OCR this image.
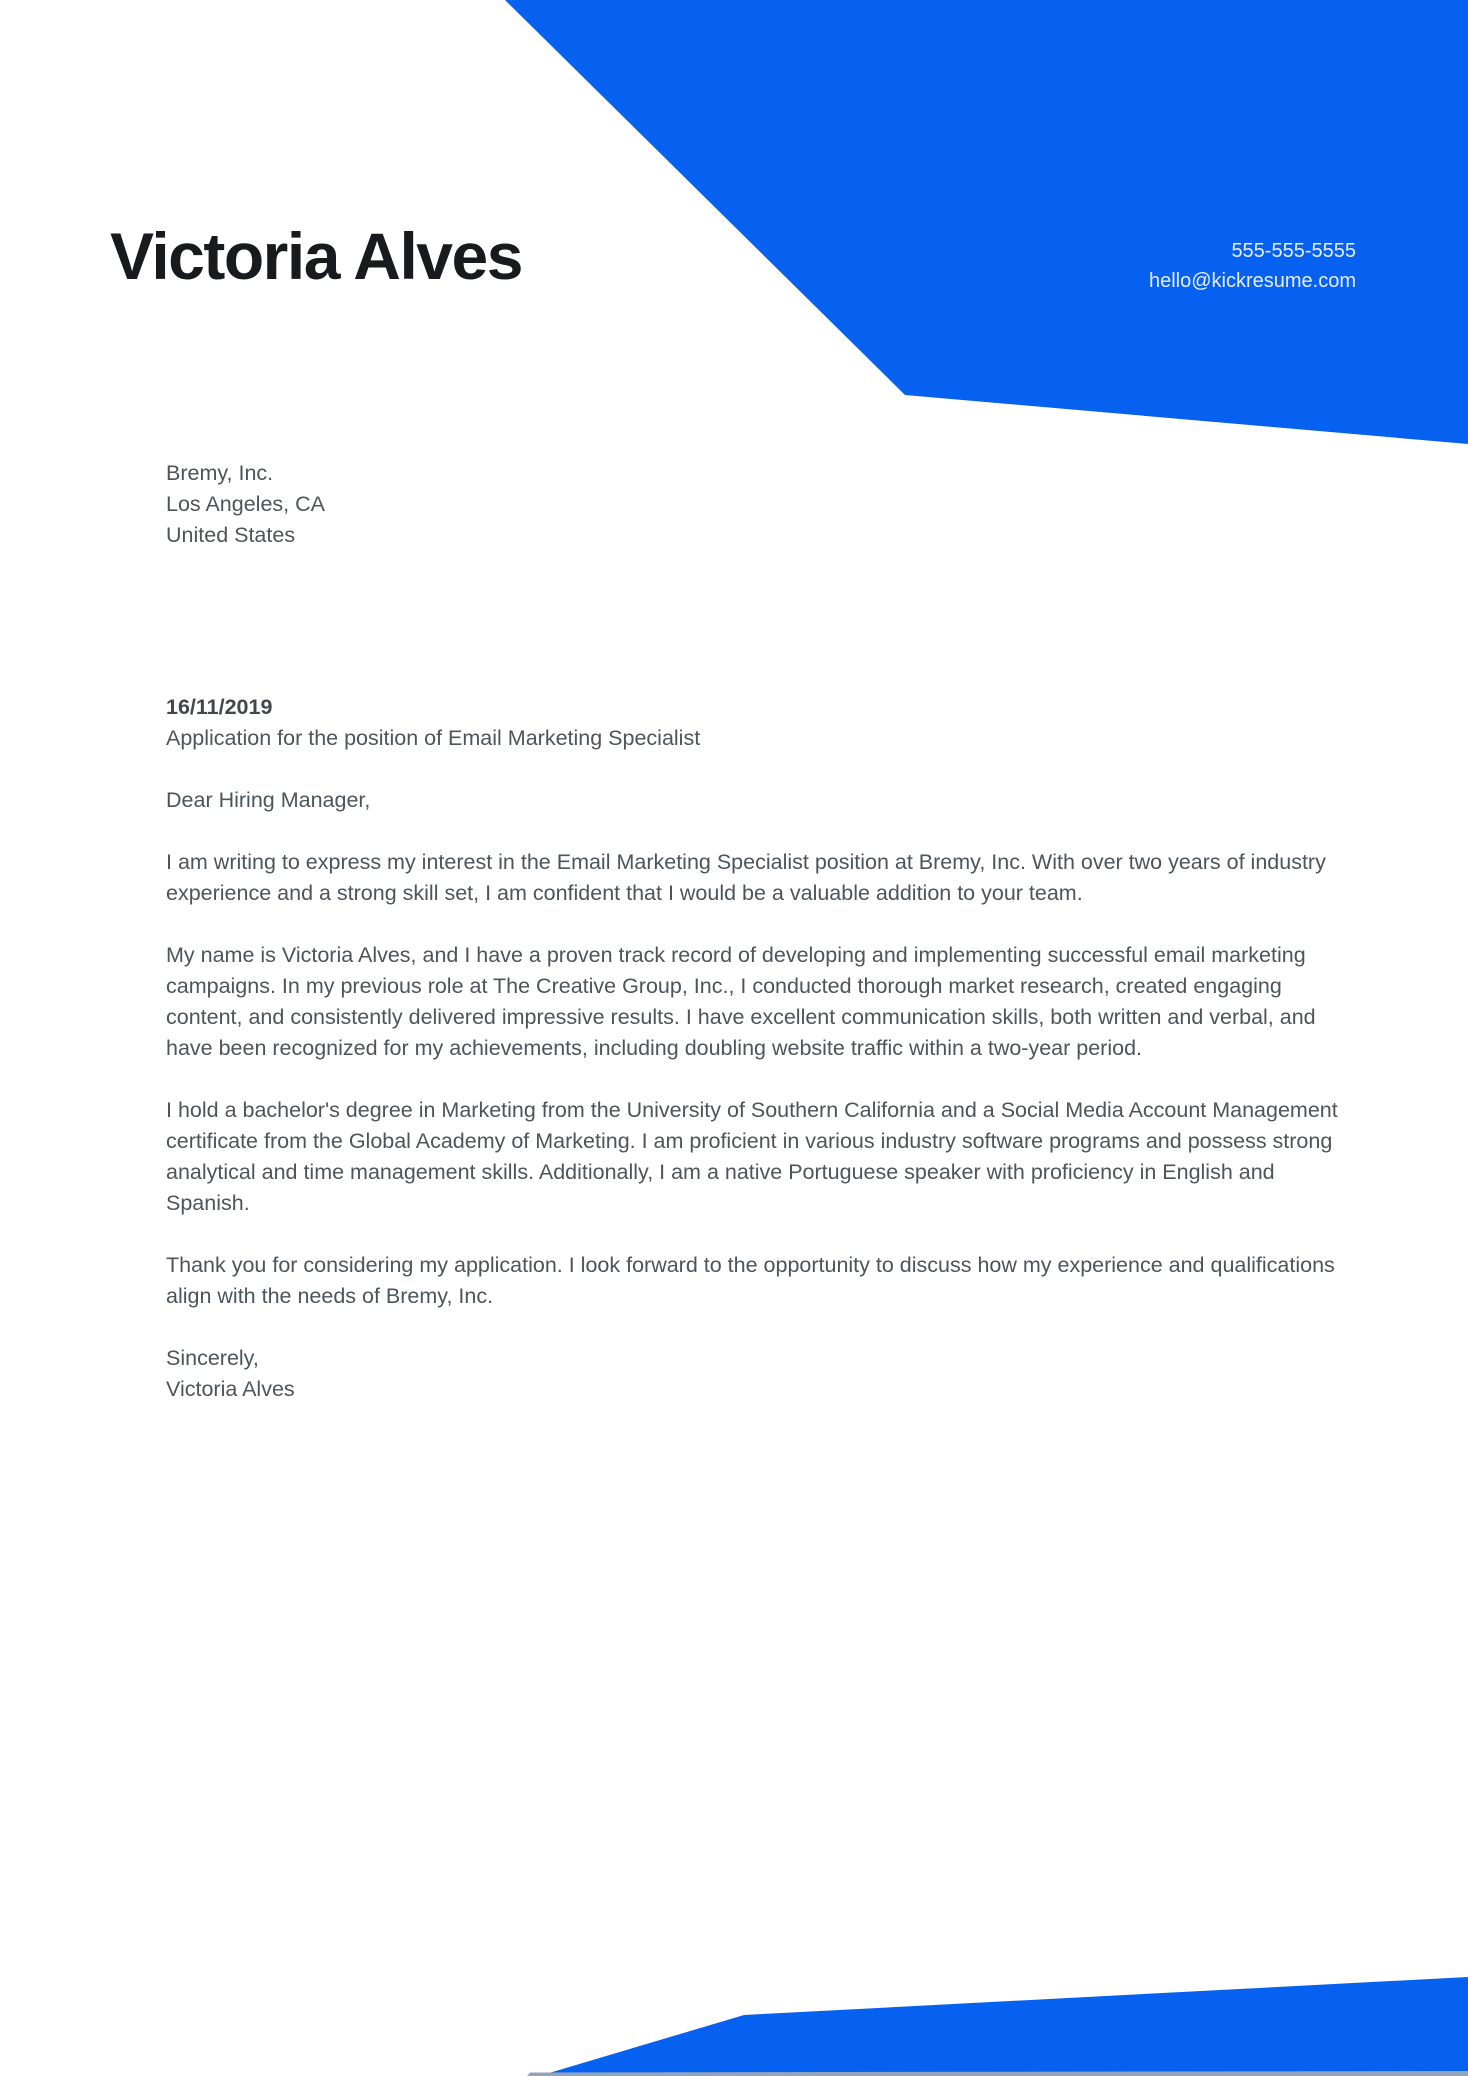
Victoria Alves	555-555-5555
hello@kickresume.com
Bremy, Inc.
Los Angeles, CA
United States
16/11/2019
Application for the position of Email Marketing Specialist

Dear Hiring Manager,

I am writing to express my interest in the Email Marketing Specialist position at Bremy, Inc. With over two years of industry experience and a strong skill set, I am confident that I would be a valuable addition to your team.

My name is Victoria Alves, and I have a proven track record of developing and implementing successful email marketing campaigns. In my previous role at The Creative Group, Inc., I conducted thorough market research, created engaging content, and consistently delivered impressive results. I have excellent communication skills, both written and verbal, and have been recognized for my achievements, including doubling website traffic within a two-year period.

I hold a bachelor's degree in Marketing from the University of Southern California and a Social Media Account Management certificate from the Global Academy of Marketing. I am proficient in various industry software programs and possess strong analytical and time management skills. Additionally, I am a native Portuguese speaker with proficiency in English and Spanish.

Thank you for considering my application. I look forward to the opportunity to discuss how my experience and qualifications align with the needs of Bremy, Inc.

Sincerely,
Victoria Alves
